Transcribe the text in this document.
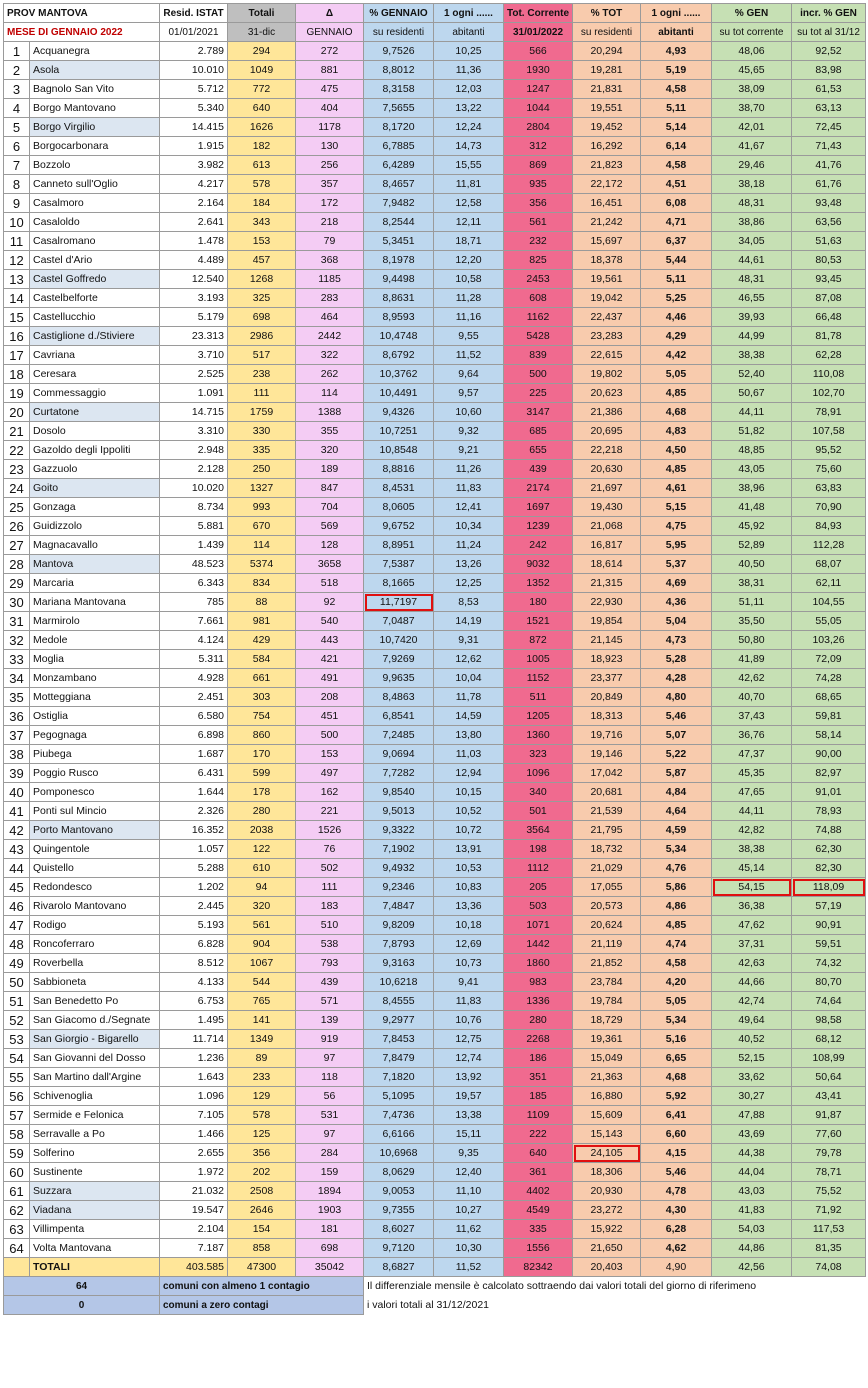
PROV MANTOVA		Resid. ISTAT	Totali	Δ	% GENNAIO	1 ogni ......	Tot. Corrente	% TOT	1 ogni ......	% GEN	incr. % GEN
MESE DI GENNAIO 2022		01/01/2021	31-dic	GENNAIO	su residenti	abitanti	31/01/2022	su residenti	abitanti	su tot corrente	su tot al 31/12
1	Acquanegra	2.789	294	272	9,7526	10,25	566	20,294	4,93	48,06	92,52
2	Asola	10.010	1049	881	8,8012	11,36	1930	19,281	5,19	45,65	83,98
3	Bagnolo San Vito	5.712	772	475	8,3158	12,03	1247	21,831	4,58	38,09	61,53
4	Borgo Mantovano	5.340	640	404	7,5655	13,22	1044	19,551	5,11	38,70	63,13
5	Borgo Virgilio	14.415	1626	1178	8,1720	12,24	2804	19,452	5,14	42,01	72,45
6	Borgocarbonara	1.915	182	130	6,7885	14,73	312	16,292	6,14	41,67	71,43
7	Bozzolo	3.982	613	256	6,4289	15,55	869	21,823	4,58	29,46	41,76
8	Canneto sull'Oglio	4.217	578	357	8,4657	11,81	935	22,172	4,51	38,18	61,76
9	Casalmoro	2.164	184	172	7,9482	12,58	356	16,451	6,08	48,31	93,48
10	Casaloldo	2.641	343	218	8,2544	12,11	561	21,242	4,71	38,86	63,56
11	Casalromano	1.478	153	79	5,3451	18,71	232	15,697	6,37	34,05	51,63
12	Castel d'Ario	4.489	457	368	8,1978	12,20	825	18,378	5,44	44,61	80,53
13	Castel Goffredo	12.540	1268	1185	9,4498	10,58	2453	19,561	5,11	48,31	93,45
14	Castelbelforte	3.193	325	283	8,8631	11,28	608	19,042	5,25	46,55	87,08
15	Castellucchio	5.179	698	464	8,9593	11,16	1162	22,437	4,46	39,93	66,48
16	Castiglione d./Stiviere	23.313	2986	2442	10,4748	9,55	5428	23,283	4,29	44,99	81,78
17	Cavriana	3.710	517	322	8,6792	11,52	839	22,615	4,42	38,38	62,28
18	Ceresara	2.525	238	262	10,3762	9,64	500	19,802	5,05	52,40	110,08
19	Commessaggio	1.091	111	114	10,4491	9,57	225	20,623	4,85	50,67	102,70
20	Curtatone	14.715	1759	1388	9,4326	10,60	3147	21,386	4,68	44,11	78,91
21	Dosolo	3.310	330	355	10,7251	9,32	685	20,695	4,83	51,82	107,58
22	Gazoldo degli Ippoliti	2.948	335	320	10,8548	9,21	655	22,218	4,50	48,85	95,52
23	Gazzuolo	2.128	250	189	8,8816	11,26	439	20,630	4,85	43,05	75,60
24	Goito	10.020	1327	847	8,4531	11,83	2174	21,697	4,61	38,96	63,83
25	Gonzaga	8.734	993	704	8,0605	12,41	1697	19,430	5,15	41,48	70,90
26	Guidizzolo	5.881	670	569	9,6752	10,34	1239	21,068	4,75	45,92	84,93
27	Magnacavallo	1.439	114	128	8,8951	11,24	242	16,817	5,95	52,89	112,28
28	Mantova	48.523	5374	3658	7,5387	13,26	9032	18,614	5,37	40,50	68,07
29	Marcaria	6.343	834	518	8,1665	12,25	1352	21,315	4,69	38,31	62,11
30	Mariana Mantovana	785	88	92	11,7197	8,53	180	22,930	4,36	51,11	104,55
31	Marmirolo	7.661	981	540	7,0487	14,19	1521	19,854	5,04	35,50	55,05
32	Medole	4.124	429	443	10,7420	9,31	872	21,145	4,73	50,80	103,26
33	Moglia	5.311	584	421	7,9269	12,62	1005	18,923	5,28	41,89	72,09
34	Monzambano	4.928	661	491	9,9635	10,04	1152	23,377	4,28	42,62	74,28
35	Motteggiana	2.451	303	208	8,4863	11,78	511	20,849	4,80	40,70	68,65
36	Ostiglia	6.580	754	451	6,8541	14,59	1205	18,313	5,46	37,43	59,81
37	Pegognaga	6.898	860	500	7,2485	13,80	1360	19,716	5,07	36,76	58,14
38	Piubega	1.687	170	153	9,0694	11,03	323	19,146	5,22	47,37	90,00
39	Poggio Rusco	6.431	599	497	7,7282	12,94	1096	17,042	5,87	45,35	82,97
40	Pomponesco	1.644	178	162	9,8540	10,15	340	20,681	4,84	47,65	91,01
41	Ponti sul Mincio	2.326	280	221	9,5013	10,52	501	21,539	4,64	44,11	78,93
42	Porto Mantovano	16.352	2038	1526	9,3322	10,72	3564	21,795	4,59	42,82	74,88
43	Quingentole	1.057	122	76	7,1902	13,91	198	18,732	5,34	38,38	62,30
44	Quistello	5.288	610	502	9,4932	10,53	1112	21,029	4,76	45,14	82,30
45	Redondesco	1.202	94	111	9,2346	10,83	205	17,055	5,86	54,15	118,09
46	Rivarolo Mantovano	2.445	320	183	7,4847	13,36	503	20,573	4,86	36,38	57,19
47	Rodigo	5.193	561	510	9,8209	10,18	1071	20,624	4,85	47,62	90,91
48	Roncoferraro	6.828	904	538	7,8793	12,69	1442	21,119	4,74	37,31	59,51
49	Roverbella	8.512	1067	793	9,3163	10,73	1860	21,852	4,58	42,63	74,32
50	Sabbioneta	4.133	544	439	10,6218	9,41	983	23,784	4,20	44,66	80,70
51	San Benedetto Po	6.753	765	571	8,4555	11,83	1336	19,784	5,05	42,74	74,64
52	San Giacomo d./Segnate	1.495	141	139	9,2977	10,76	280	18,729	5,34	49,64	98,58
53	San Giorgio - Bigarello	11.714	1349	919	7,8453	12,75	2268	19,361	5,16	40,52	68,12
54	San Giovanni del Dosso	1.236	89	97	7,8479	12,74	186	15,049	6,65	52,15	108,99
55	San Martino dall'Argine	1.643	233	118	7,1820	13,92	351	21,363	4,68	33,62	50,64
56	Schivenoglia	1.096	129	56	5,1095	19,57	185	16,880	5,92	30,27	43,41
57	Sermide e Felonica	7.105	578	531	7,4736	13,38	1109	15,609	6,41	47,88	91,87
58	Serravalle a Po	1.466	125	97	6,6166	15,11	222	15,143	6,60	43,69	77,60
59	Solferino	2.655	356	284	10,6968	9,35	640	24,105	4,15	44,38	79,78
60	Sustinente	1.972	202	159	8,0629	12,40	361	18,306	5,46	44,04	78,71
61	Suzzara	21.032	2508	1894	9,0053	11,10	4402	20,930	4,78	43,03	75,52
62	Viadana	19.547	2646	1903	9,7355	10,27	4549	23,272	4,30	41,83	71,92
63	Villimpenta	2.104	154	181	8,6027	11,62	335	15,922	6,28	54,03	117,53
64	Volta Mantovana	7.187	858	698	9,7120	10,30	1556	21,650	4,62	44,86	81,35
	TOTALI	403.585	47300	35042	8,6827	11,52	82342	20,403	4,90	42,56	74,08
64		comuni con almeno 1 contagio			Il differenziale mensile è calcolato sottraendo dai valori totali del giorno di riferimeno						
0		comuni a zero contagi			i valori totali al 31/12/2021						
